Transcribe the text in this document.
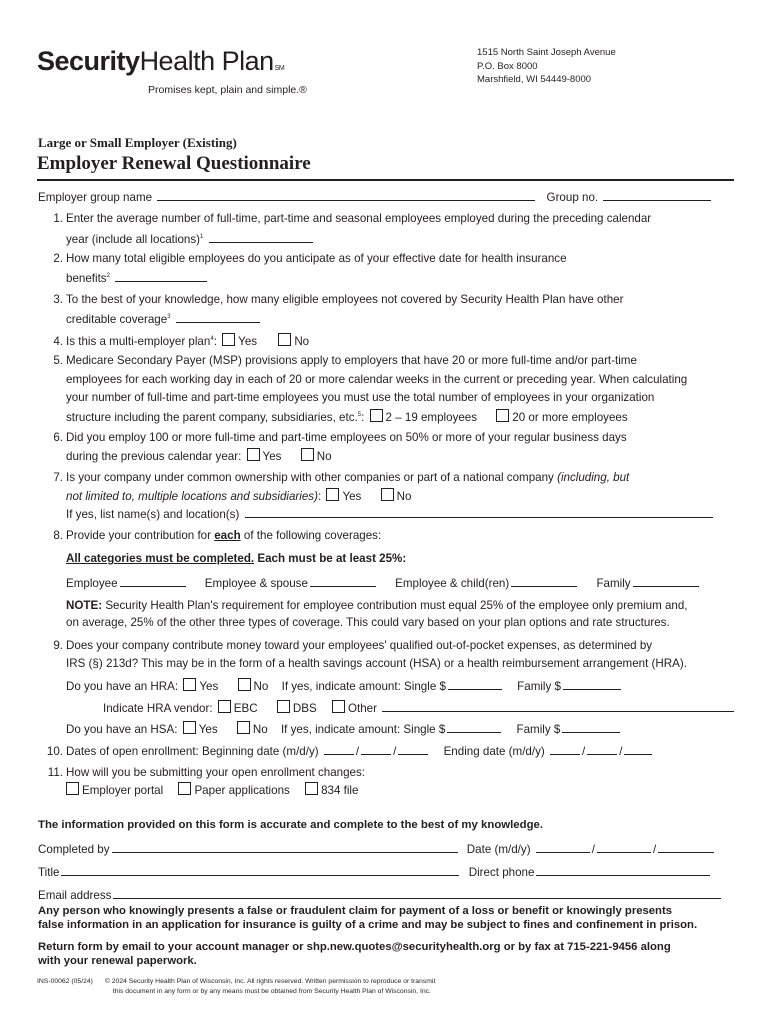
SecurityHealth PlanSM
Promises kept, plain and simple.®
1515 North Saint Joseph Avenue
P.O. Box 8000
Marshfield, WI 54449-8000
Large or Small Employer (Existing)
Employer Renewal Questionnaire
Employer group name	Group no.
1. Enter the average number of full-time, part-time and seasonal employees employed during the preceding calendar
year (include all locations)$^1$
2. How many total eligible employees do you anticipate as of your effective date for health insurance
benefits$^2$
3. To the best of your knowledge, how many eligible employees not covered by Security Health Plan have other
creditable coverage$^3$
4. Is this a multi-employer plan$^4$: Yes	No
5. Medicare Secondary Payer (MSP) provisions apply to employers that have 20 or more full-time and/or part-time
employees for each working day in each of 20 or more calendar weeks in the current or preceding year. When calculating
your number of full-time and part-time employees you must use the total number of employees in your organization
structure including the parent company, subsidiaries, etc.$^5$: 2 – 19 employees	20 or more employees
6. Did you employ 100 or more full-time and part-time employees on 50% or more of your regular business days
during the previous calendar year: Yes	No
7. Is your company under common ownership with other companies or part of a national company (including, but
not limited to, multiple locations and subsidiaries): Yes	No
If yes, list name(s) and location(s)
8. Provide your contribution for each of the following coverages:
All categories must be completed. Each must be at least 25%:
Employee	Employee & spouse	Employee & child(ren)	Family
NOTE: Security Health Plan's requirement for employee contribution must equal 25% of the employee only premium and,
on average, 25% of the other three types of coverage. This could vary based on your plan options and rate structures.
9. Does your company contribute money toward your employees' qualified out-of-pocket expenses, as determined by
IRS (§) 213d? This may be in the form of a health savings account (HSA) or a health reimbursement arrangement (HRA).
Do you have an HRA: Yes	No If yes, indicate amount: Single $	Family $
Indicate HRA vendor: EBC	DBS	Other
Do you have an HSA: Yes	No If yes, indicate amount: Single $	Family $
10. Dates of open enrollment: Beginning date (m/d/y)	/	/	Ending date (m/d/y)	/	/
11. How will you be submitting your open enrollment changes:
Employer portal	Paper applications	834 file
The information provided on this form is accurate and complete to the best of my knowledge.
Completed by	Date (m/d/y)	/	/
Title	Direct phone
Email address
Any person who knowingly presents a false or fraudulent claim for payment of a loss or benefit or knowingly presents
false information in an application for insurance is guilty of a crime and may be subject to fines and confinement in prison.
Return form by email to your account manager or shp.new.quotes@securityhealth.org or by fax at 715-221-9456 along
with your renewal paperwork.
INS-00062 (05/24) © 2024 Security Health Plan of Wisconsin, Inc. All rights reserved. Written permission to reproduce or transmit
this document in any form or by any means must be obtained from Security Health Plan of Wisconsin, Inc.
